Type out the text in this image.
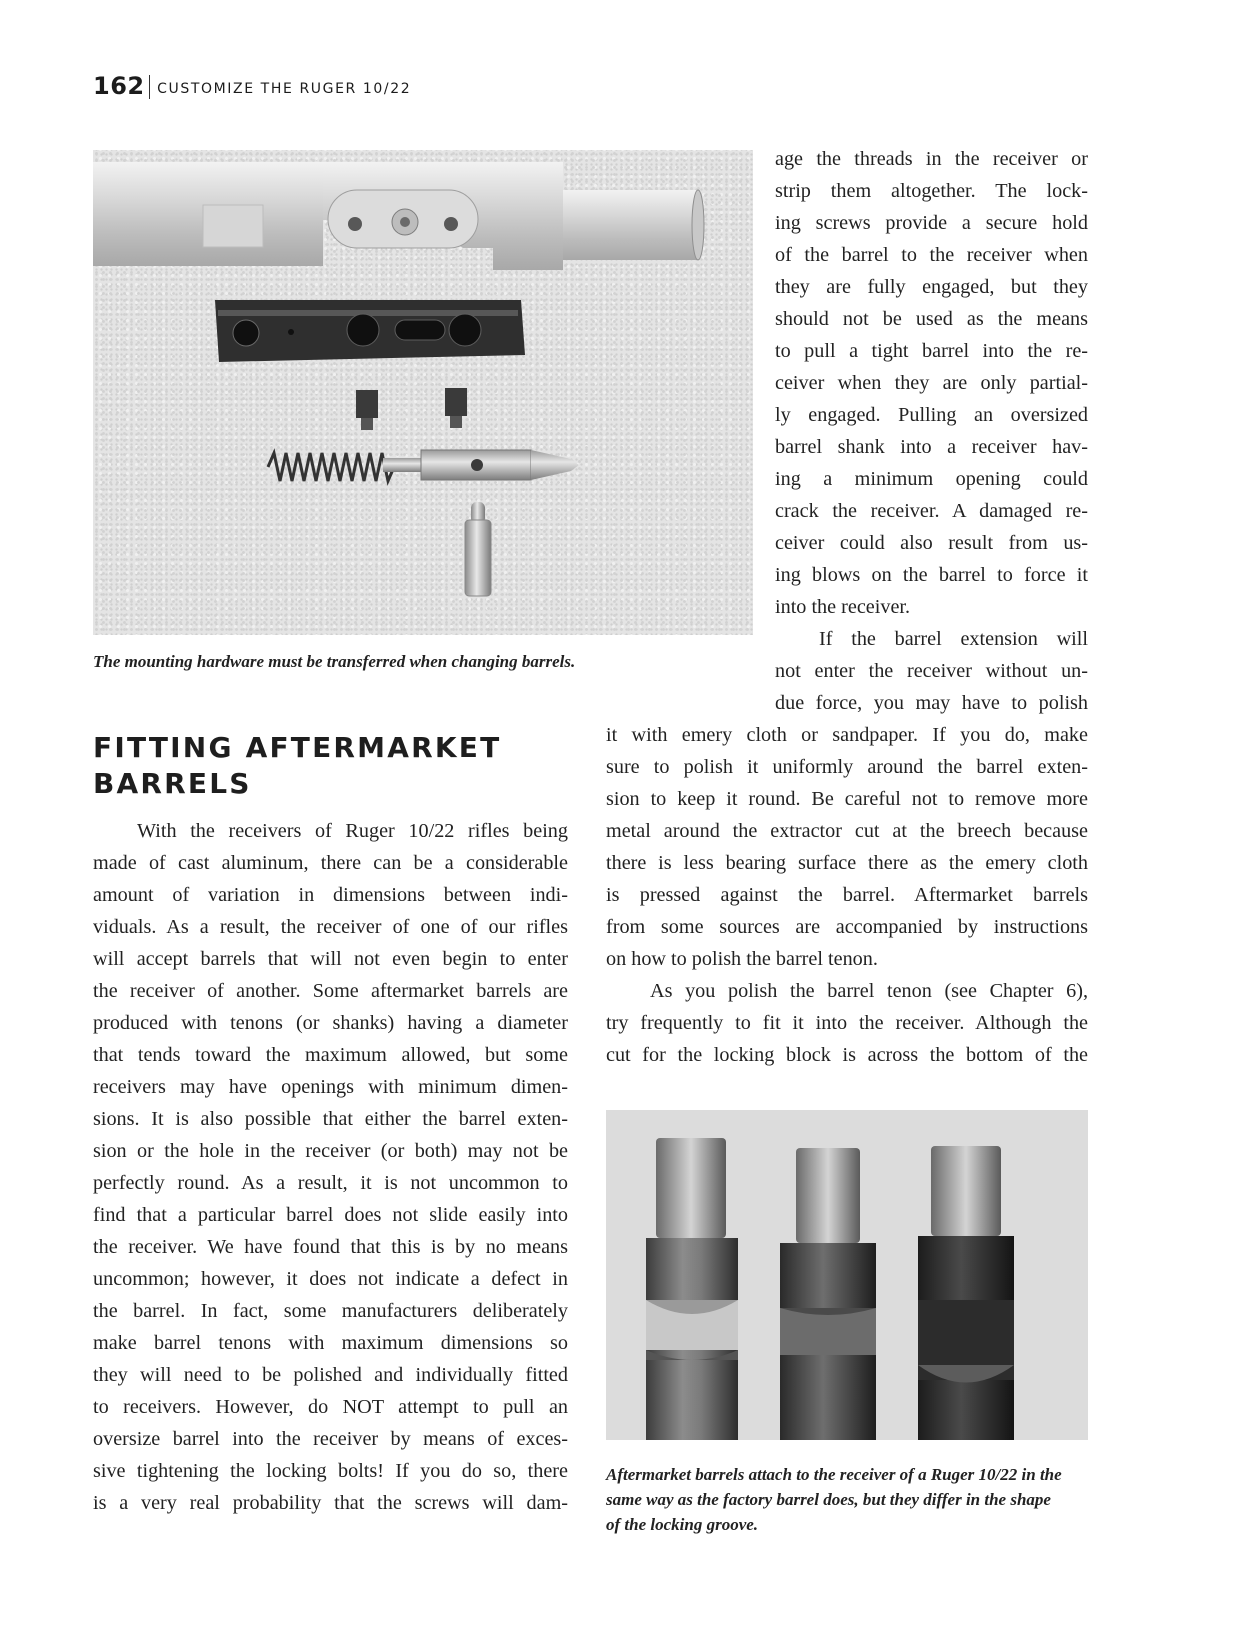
162 CUSTOMIZE THE RUGER 10/22
The mounting hardware must be transferred when changing barrels.
age the threads in the receiver or
strip them altogether. The lock-
ing screws provide a secure hold
of the barrel to the receiver when
they are fully engaged, but they
should not be used as the means
to pull a tight barrel into the re-
ceiver when they are only partial-
ly engaged. Pulling an oversized
barrel shank into a receiver hav-
ing a minimum opening could
crack the receiver. A damaged re-
ceiver could also result from us-
ing blows on the barrel to force it
into the receiver.
If the barrel extension will
not enter the receiver without un-
due force, you may have to polish
FITTING AFTERMARKET
BARRELS
With the receivers of Ruger 10/22 rifles being
made of cast aluminum, there can be a considerable
amount of variation in dimensions between indi-
viduals. As a result, the receiver of one of our rifles
will accept barrels that will not even begin to enter
the receiver of another. Some aftermarket barrels are
produced with tenons (or shanks) having a diameter
that tends toward the maximum allowed, but some
receivers may have openings with minimum dimen-
sions. It is also possible that either the barrel exten-
sion or the hole in the receiver (or both) may not be
perfectly round. As a result, it is not uncommon to
find that a particular barrel does not slide easily into
the receiver. We have found that this is by no means
uncommon; however, it does not indicate a defect in
the barrel. In fact, some manufacturers deliberately
make barrel tenons with maximum dimensions so
they will need to be polished and individually fitted
to receivers. However, do NOT attempt to pull an
oversize barrel into the receiver by means of exces-
sive tightening the locking bolts! If you do so, there
is a very real probability that the screws will dam-
it with emery cloth or sandpaper. If you do, make
sure to polish it uniformly around the barrel exten-
sion to keep it round. Be careful not to remove more
metal around the extractor cut at the breech because
there is less bearing surface there as the emery cloth
is pressed against the barrel. Aftermarket barrels
from some sources are accompanied by instructions
on how to polish the barrel tenon.
As you polish the barrel tenon (see Chapter 6),
try frequently to fit it into the receiver. Although the
cut for the locking block is across the bottom of the
Aftermarket barrels attach to the receiver of a Ruger 10/22 in the same way as the factory barrel does, but they differ in the shape of the locking groove.
